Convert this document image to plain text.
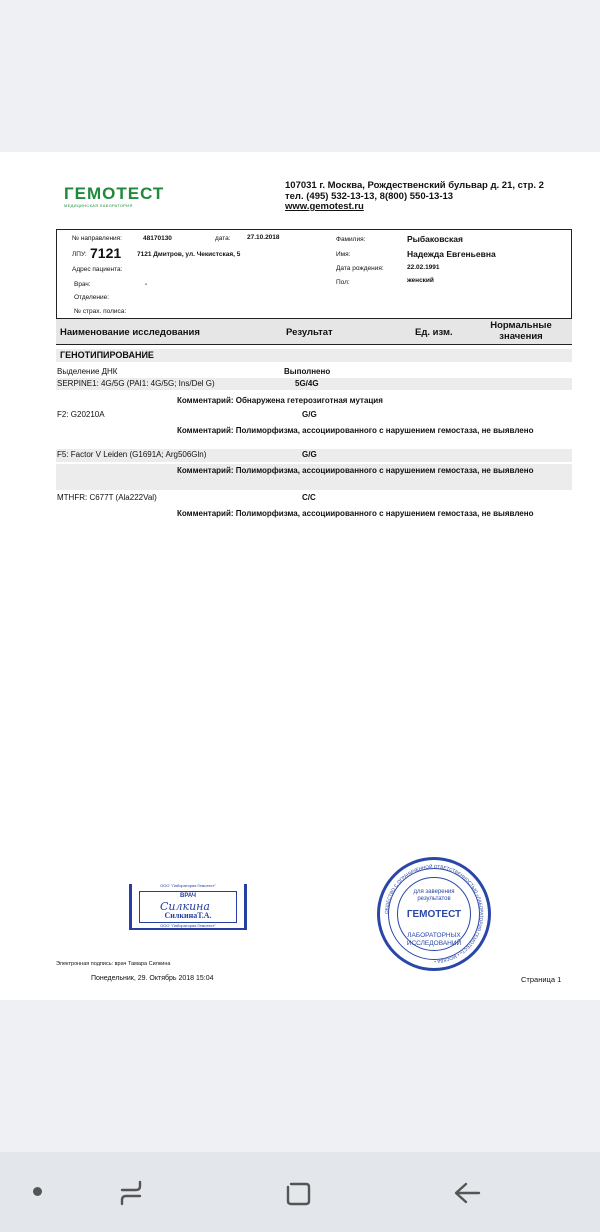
ГЕМОТЕСТ
МЕДИЦИНСКАЯ ЛАБОРАТОРИЯ
107031 г. Москва, Рождественский бульвар д. 21, стр. 2
тел. (495) 532-13-13, 8(800) 550-13-13
www.gemotest.ru
№ направления:	48170130	дата:	27.10.2018
ЛПУ: 7121 7121 Дмитров, ул. Чекистская, 5
Адрес пациента:
Врач:	-
Отделение:
№ страх. полиса:
Фамилия:	Рыбаковская
Имя:	Надежда Евгеньевна
Дата рождения:	22.02.1991
Пол:	женский
Наименование исследования	Результат	Ед. изм.
Нормальные
значения
ГЕНОТИПИРОВАНИЕ
Выделение ДНК	Выполнено
SERPINE1: 4G/5G (PAI1: 4G/5G; Ins/Del G)	5G/4G
Комментарий: Обнаружена гетерозиготная мутация
F2: G20210A	G/G
Комментарий: Полиморфизма, ассоциированного с нарушением гемостаза, не выявлено
F5: Factor V Leiden (G1691A; Arg506Gln)	G/G
Комментарий: Полиморфизма, ассоциированного с нарушением гемостаза, не выявлено
MTHFR: C677T (Ala222Val)	C/C
Комментарий: Полиморфизма, ассоциированного с нарушением гемостаза, не выявлено
ООО "Лаборатория Гемотест"
ВРАЧ
Силкина
СилкинаТ.А.
ООО "Лаборатория Гемотест"
ОБЩЕСТВО С ОГРАНИЧЕННОЙ ОТВЕТСТВЕННОСТЬЮ «ЛАБОРАТОРИЯ ГЕМОТЕСТ» • МОСКВА •
для заверения
результатов
ГЕМОТЕСТ
ЛАБОРАТОРНЫХ
ИССЛЕДОВАНИЙ
Электронная подпись: врач Тамара Силкина
Понедельник, 29. Октябрь 2018 15:04	Страница 1
